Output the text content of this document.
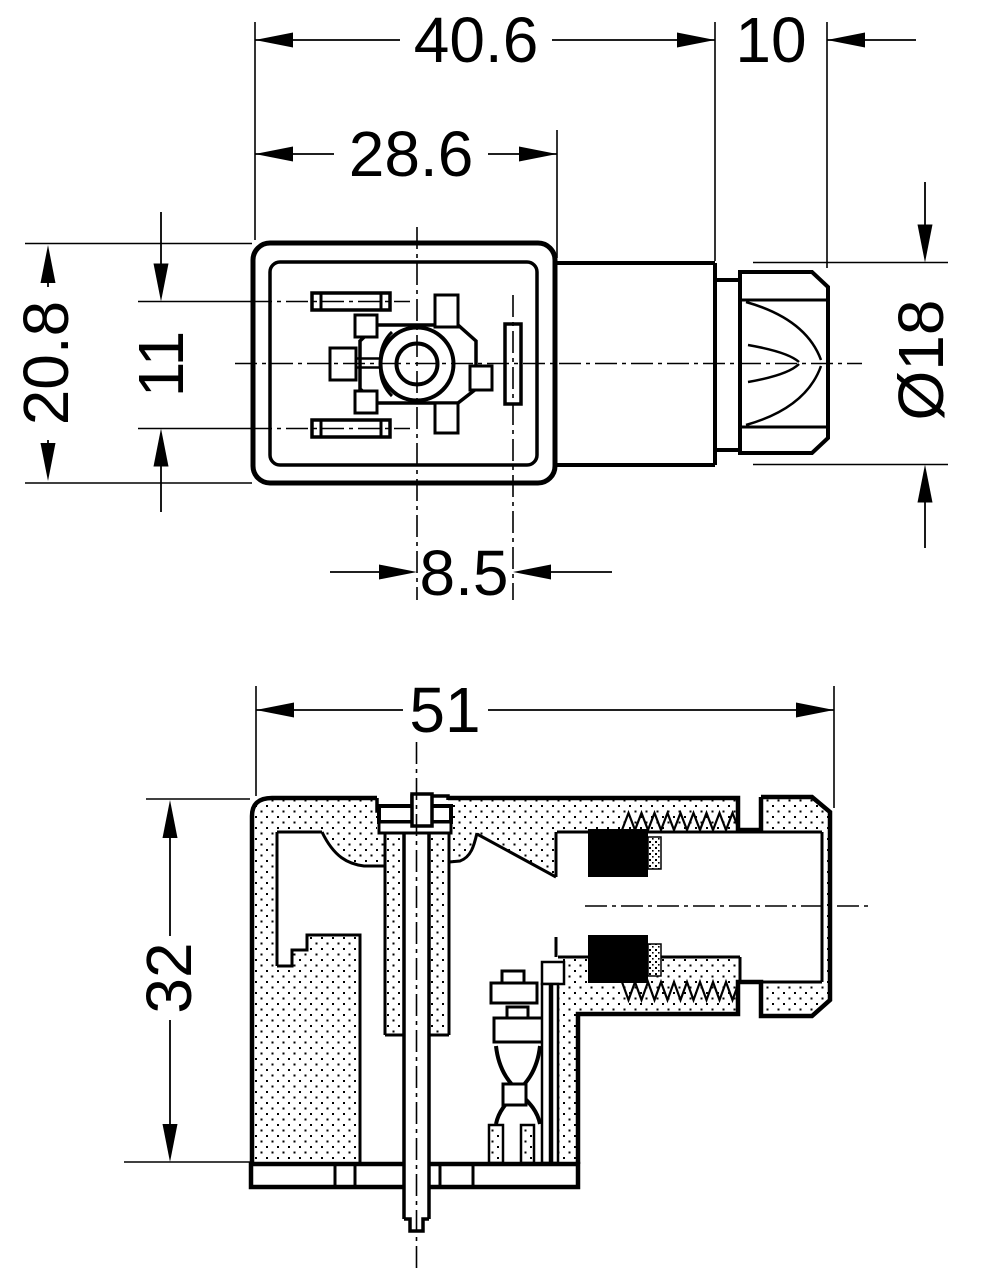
40.6	10
28.6
20.8 11
8.5
Ø18
51
32
